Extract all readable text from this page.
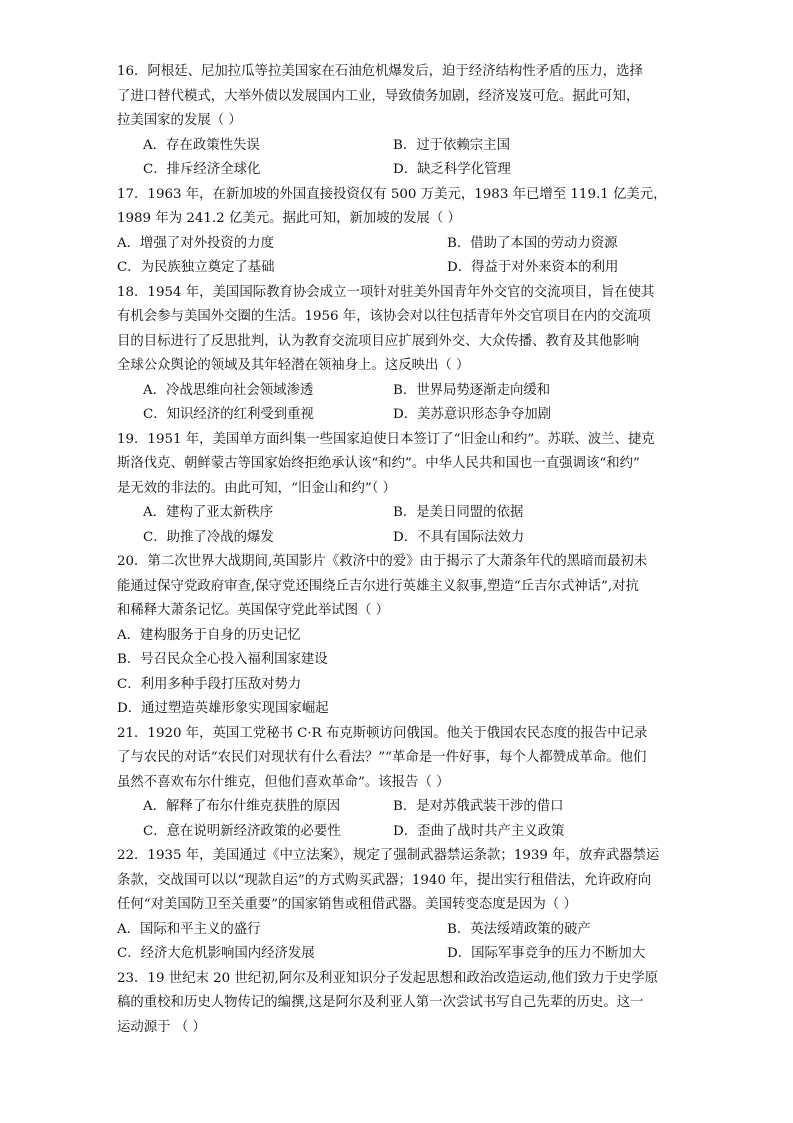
16．阿根廷、尼加拉瓜等拉美国家在石油危机爆发后，迫于经济结构性矛盾的压力，选择
了进口替代模式，大举外债以发展国内工业，导致债务加剧，经济岌岌可危。据此可知，
拉美国家的发展（ ）
A．存在政策性失误	B．过于依赖宗主国
C．排斥经济全球化	D．缺乏科学化管理
17．1963 年，在新加坡的外国直接投资仅有 500 万美元，1983 年已增至 119.1 亿美元，
1989 年为 241.2 亿美元。据此可知，新加坡的发展（ ）
A．增强了对外投资的力度	B．借助了本国的劳动力资源
C．为民族独立奠定了基础	D．得益于对外来资本的利用
18．1954 年，美国国际教育协会成立一项针对驻美外国青年外交官的交流项目，旨在使其
有机会参与美国外交圈的生活。1956 年，该协会对以往包括青年外交官项目在内的交流项
目的目标进行了反思批判，认为教育交流项目应扩展到外交、大众传播、教育及其他影响
全球公众舆论的领域及其年轻潜在领袖身上。这反映出（ ）
A．冷战思维向社会领域渗透	B．世界局势逐渐走向缓和
C．知识经济的红利受到重视	D．美苏意识形态争夺加剧
19．1951 年，美国单方面纠集一些国家迫使日本签订了“旧金山和约”。苏联、波兰、捷克
斯洛伐克、朝鲜蒙古等国家始终拒绝承认该“和约”。中华人民共和国也一直强调该“和约”
是无效的非法的。由此可知，“旧金山和约”（ ）
A．建构了亚太新秩序	B．是美日同盟的依据
C．助推了冷战的爆发	D．不具有国际法效力
20．第二次世界大战期间,英国影片《救济中的爱》由于揭示了大萧条年代的黑暗而最初未
能通过保守党政府审查,保守党还围绕丘吉尔进行英雄主义叙事,塑造“丘吉尔式神话”,对抗
和稀释大萧条记忆。英国保守党此举试图（ ）
A．建构服务于自身的历史记忆
B．号召民众全心投入福利国家建设
C．利用多种手段打压敌对势力
D．通过塑造英雄形象实现国家崛起
21．1920 年，英国工党秘书 C·R 布克斯顿访问俄国。他关于俄国农民态度的报告中记录
了与农民的对话“农民们对现状有什么看法？”“革命是一件好事，每个人都赞成革命。他们
虽然不喜欢布尔什维克，但他们喜欢革命”。该报告（ ）
A．解释了布尔什维克获胜的原因	B．是对苏俄武装干涉的借口
C．意在说明新经济政策的必要性	D．歪曲了战时共产主义政策
22．1935 年，美国通过《中立法案》，规定了强制武器禁运条款；1939 年，放弃武器禁运
条款，交战国可以以“现款自运”的方式购买武器；1940 年，提出实行租借法，允许政府向
任何“对美国防卫至关重要”的国家销售或租借武器。美国转变态度是因为（ ）
A．国际和平主义的盛行	B．英法绥靖政策的破产
C．经济大危机影响国内经济发展	D．国际军事竞争的压力不断加大
23．19 世纪末 20 世纪初,阿尔及利亚知识分子发起思想和政治改造运动,他们致力于史学原
稿的重校和历史人物传记的编撰,这是阿尔及利亚人第一次尝试书写自己先辈的历史。这一
运动源于 （ ）
